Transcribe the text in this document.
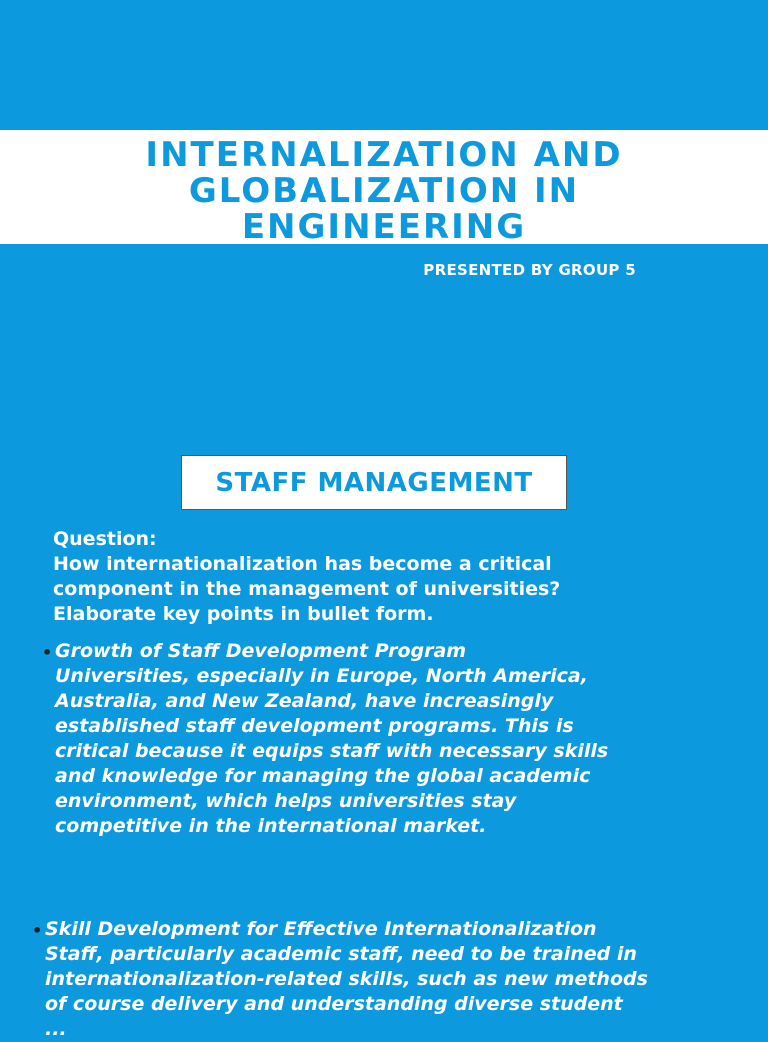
INTERNALIZATION AND
GLOBALIZATION IN
ENGINEERING
PRESENTED BY GROUP 5
STAFF MANAGEMENT
Question:
How internationalization has become a critical
component in the management of universities?
Elaborate key points in bullet form.
• Growth of Staff Development Program
Universities, especially in Europe, North America,
Australia, and New Zealand, have increasingly
established staff development programs. This is
critical because it equips staff with necessary skills
and knowledge for managing the global academic
environment, which helps universities stay
competitive in the international market.
• Skill Development for Effective Internationalization
Staff, particularly academic staff, need to be trained in
internationalization-related skills, such as new methods
of course delivery and understanding diverse student
...
